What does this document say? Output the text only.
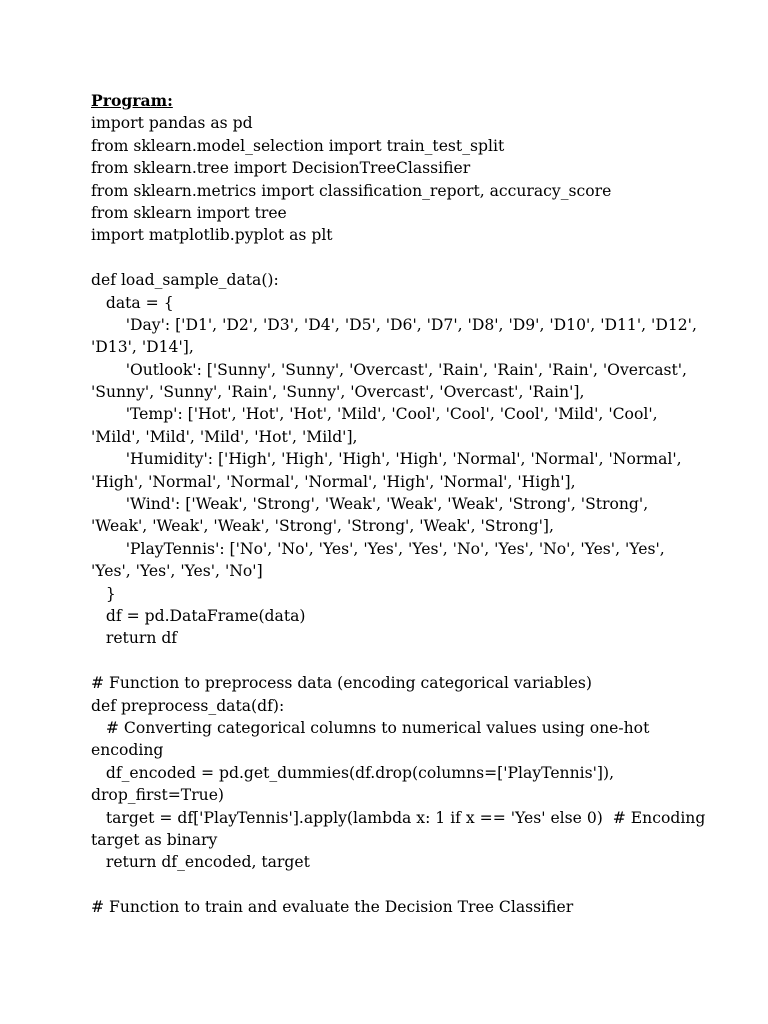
Program:
import pandas as pd
from sklearn.model_selection import train_test_split
from sklearn.tree import DecisionTreeClassifier
from sklearn.metrics import classification_report, accuracy_score
from sklearn import tree
import matplotlib.pyplot as plt
def load_sample_data():
data = {
'Day': ['D1', 'D2', 'D3', 'D4', 'D5', 'D6', 'D7', 'D8', 'D9', 'D10', 'D11', 'D12',
'D13', 'D14'],
'Outlook': ['Sunny', 'Sunny', 'Overcast', 'Rain', 'Rain', 'Rain', 'Overcast',
'Sunny', 'Sunny', 'Rain', 'Sunny', 'Overcast', 'Overcast', 'Rain'],
'Temp': ['Hot', 'Hot', 'Hot', 'Mild', 'Cool', 'Cool', 'Cool', 'Mild', 'Cool',
'Mild', 'Mild', 'Mild', 'Hot', 'Mild'],
'Humidity': ['High', 'High', 'High', 'High', 'Normal', 'Normal', 'Normal',
'High', 'Normal', 'Normal', 'Normal', 'High', 'Normal', 'High'],
'Wind': ['Weak', 'Strong', 'Weak', 'Weak', 'Weak', 'Strong', 'Strong',
'Weak', 'Weak', 'Weak', 'Strong', 'Strong', 'Weak', 'Strong'],
'PlayTennis': ['No', 'No', 'Yes', 'Yes', 'Yes', 'No', 'Yes', 'No', 'Yes', 'Yes',
'Yes', 'Yes', 'Yes', 'No']
}
df = pd.DataFrame(data)
return df
# Function to preprocess data (encoding categorical variables)
def preprocess_data(df):
# Converting categorical columns to numerical values using one-hot
encoding
df_encoded = pd.get_dummies(df.drop(columns=['PlayTennis']),
drop_first=True)
target = df['PlayTennis'].apply(lambda x: 1 if x == 'Yes' else 0)  # Encoding
target as binary
return df_encoded, target
# Function to train and evaluate the Decision Tree Classifier
